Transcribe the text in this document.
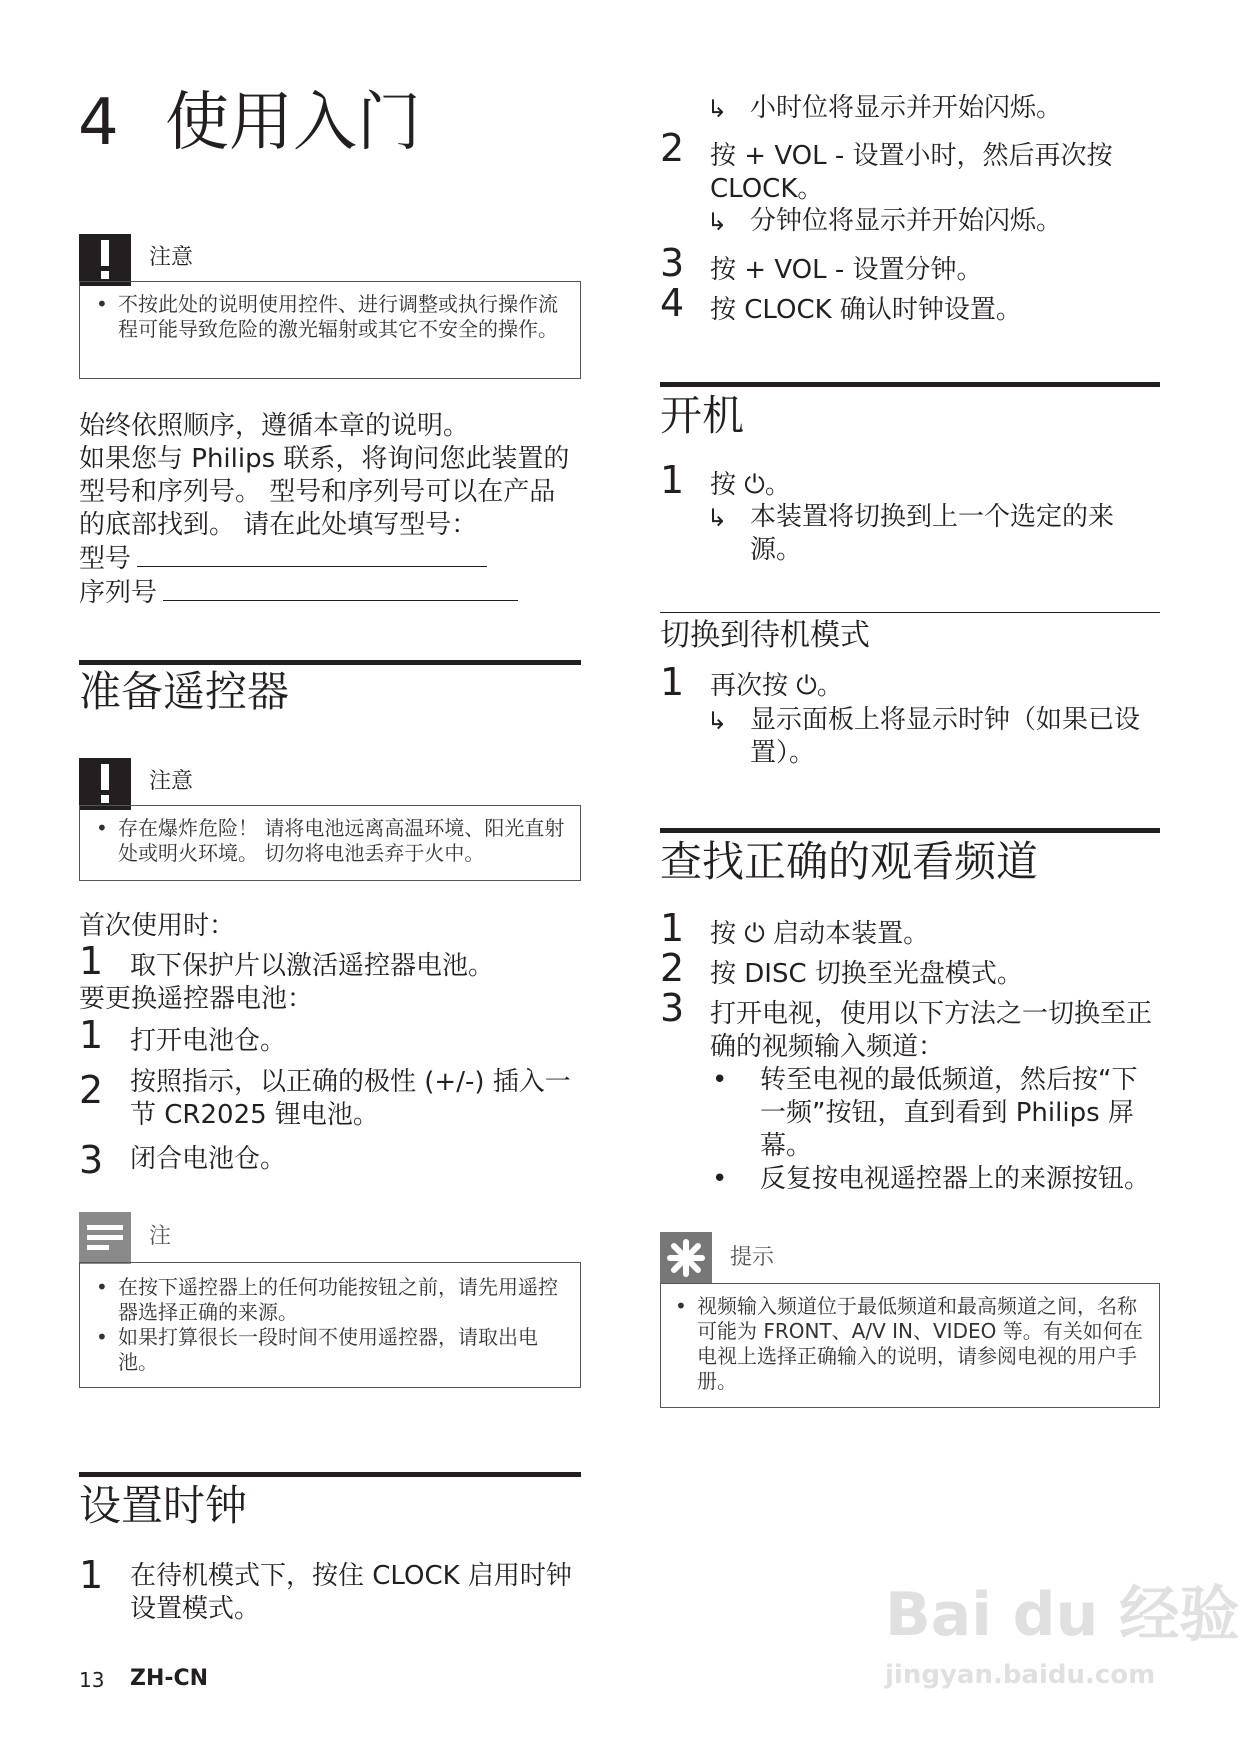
4 使用入门
注意
• 不按此处的说明使用控件、进行调整或执行操作流程可能导致危险的激光辐射或其它不安全的操作。
始终依照顺序，遵循本章的说明。
如果您与 Philips 联系，将询问您此装置的
型号和序列号。 型号和序列号可以在产品
的底部找到。 请在此处填写型号：
型号
序列号
准备遥控器
注意
• 存在爆炸危险！ 请将电池远离高温环境、阳光直射处或明火环境。 切勿将电池丢弃于火中。
首次使用时：
1 取下保护片以激活遥控器电池。
要更换遥控器电池：
1 打开电池仓。
2 按照指示，以正确的极性 (+/-) 插入一节 CR2025 锂电池。
3 闭合电池仓。
注
• 在按下遥控器上的任何功能按钮之前，请先用遥控器选择正确的来源。
• 如果打算很长一段时间不使用遥控器，请取出电池。
设置时钟
1 在待机模式下，按住 CLOCK 启用时钟设置模式。
13 ZH-CN
↳ 小时位将显示并开始闪烁。
2 按 + VOL - 设置小时，然后再次按 CLOCK。
↳ 分钟位将显示并开始闪烁。
3 按 + VOL - 设置分钟。
4 按 CLOCK 确认时钟设置。
开机
1 按 ⏻。
↳ 本装置将切换到上一个选定的来源。
切换到待机模式
1 再次按 ⏻。
↳ 显示面板上将显示时钟（如果已设置）。
查找正确的观看频道
1 按 ⏻ 启动本装置。
2 按 DISC 切换至光盘模式。
3 打开电视，使用以下方法之一切换至正确的视频输入频道：
•	转至电视的最低频道，然后按“下一频”按钮，直到看到 Philips 屏幕。
•	反复按电视遥控器上的来源按钮。
提示
• 视频输入频道位于最低频道和最高频道之间，名称可能为 FRONT、A/V IN、VIDEO 等。有关如何在电视上选择正确输入的说明，请参阅电视的用户手册。
Bai du 经验
jingyan.baidu.com
